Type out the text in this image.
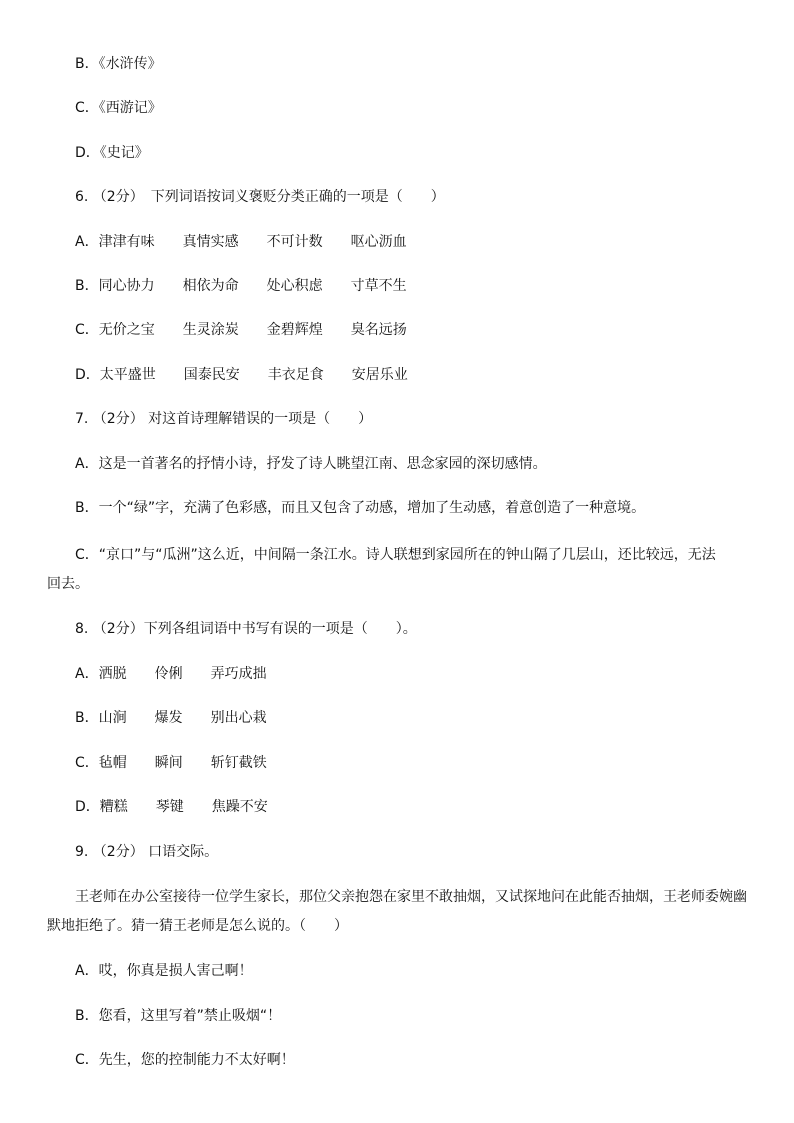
B．《水浒传》
C．《西游记》
D．《史记》
6. （2分）　下列词语按词义褒贬分类正确的一项是（　　）
A．津津有味　　真情实感　　不可计数　　呕心沥血
B．同心协力　　相依为命　　处心积虑　　寸草不生
C．无价之宝　　生灵涂炭　　金碧辉煌　　臭名远扬
D．太平盛世　　国泰民安　　丰衣足食　　安居乐业
7. （2分） 对这首诗理解错误的一项是（　　）
A．这是一首著名的抒情小诗，抒发了诗人眺望江南、思念家园的深切感情。
B．一个“绿”字，充满了色彩感，而且又包含了动感，增加了生动感，着意创造了一种意境。
C．“京口”与“瓜洲”这么近，中间隔一条江水。诗人联想到家园所在的钟山隔了几层山，还比较远，无法
回去。
8. （2分）下列各组词语中书写有误的一项是（　　）。
A．洒脱　　伶俐　　弄巧成拙
B．山涧　　爆发　　别出心栽
C．毡帽　　瞬间　　斩钉截铁
D．糟糕　　琴键　　焦躁不安
9. （2分） 口语交际。
王老师在办公室接待一位学生家长，那位父亲抱怨在家里不敢抽烟，又试探地问在此能否抽烟，王老师委婉幽
默地拒绝了。猜一猜王老师是怎么说的。（　　）
A．哎，你真是损人害己啊！
B．您看，这里写着”禁止吸烟“！
C．先生，您的控制能力不太好啊！
